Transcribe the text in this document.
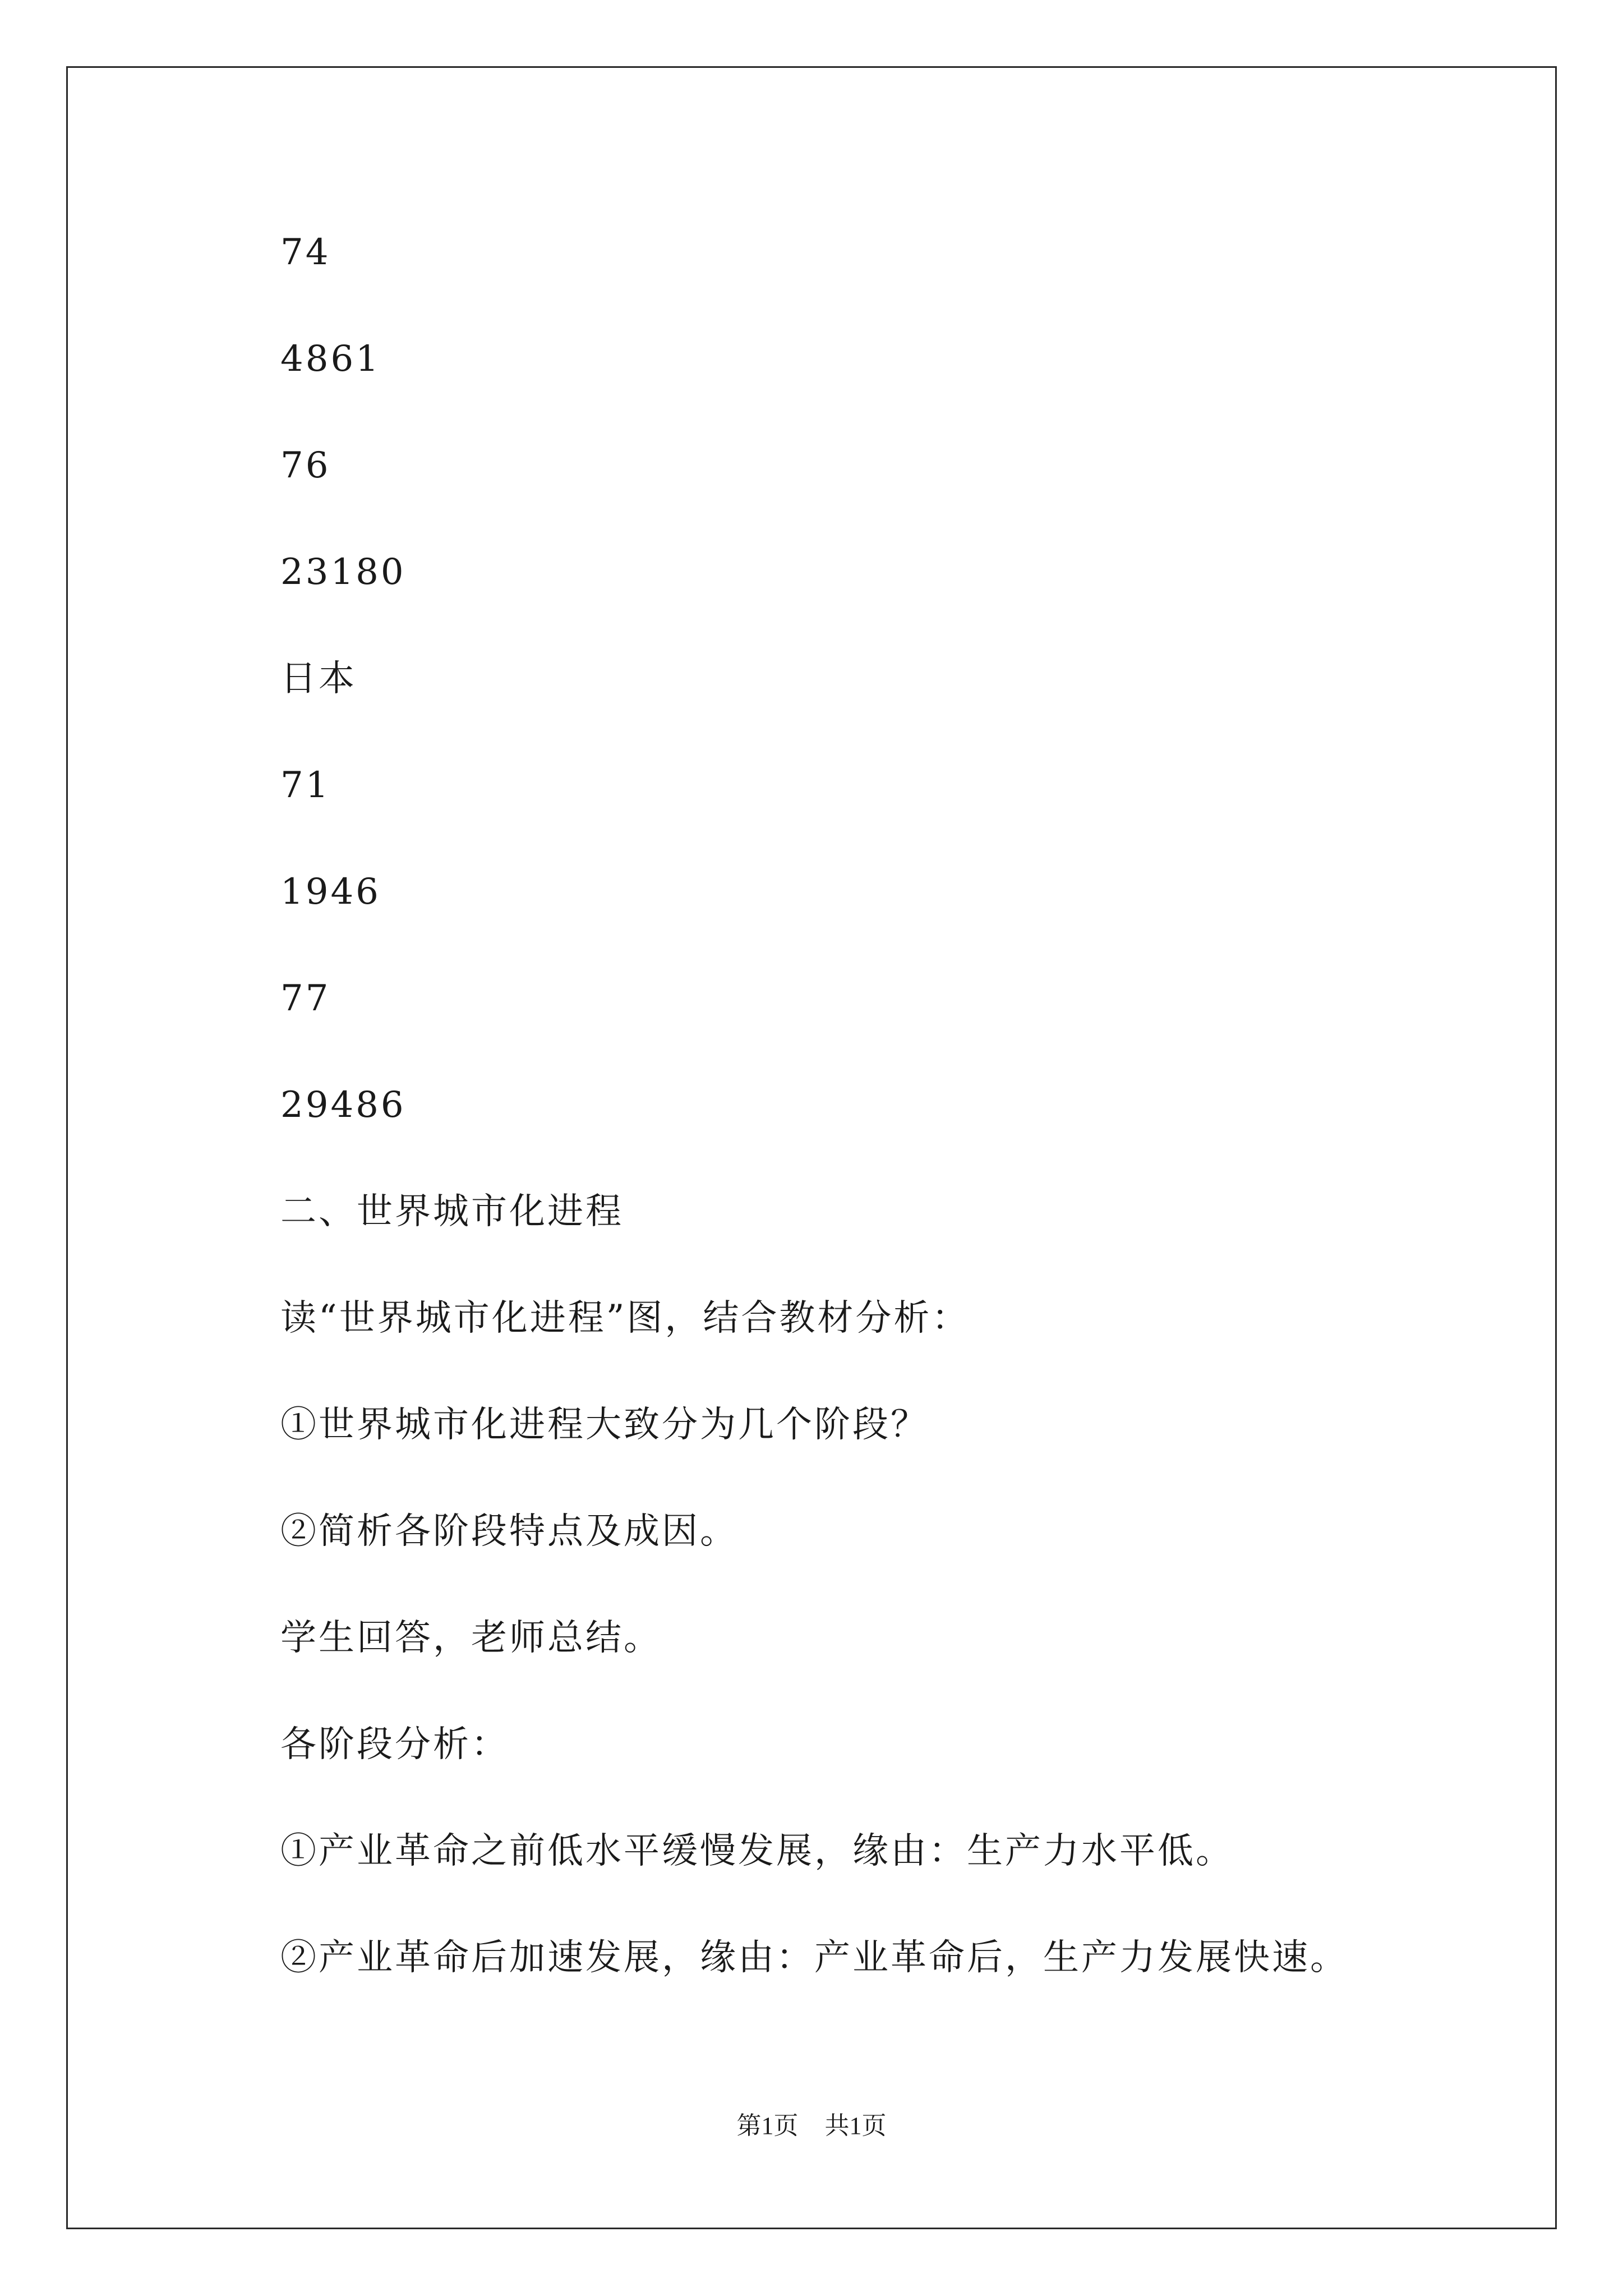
74
4861
76
23180
日本
71
1946
77
29486
二、世界城市化进程
读“世界城市化进程”图，结合教材分析：
①世界城市化进程大致分为几个阶段？
②简析各阶段特点及成因。
学生回答，老师总结。
各阶段分析：
①产业革命之前低水平缓慢发展，缘由：生产力水平低。
②产业革命后加速发展，缘由：产业革命后，生产力发展快速。
第1页 共1页
